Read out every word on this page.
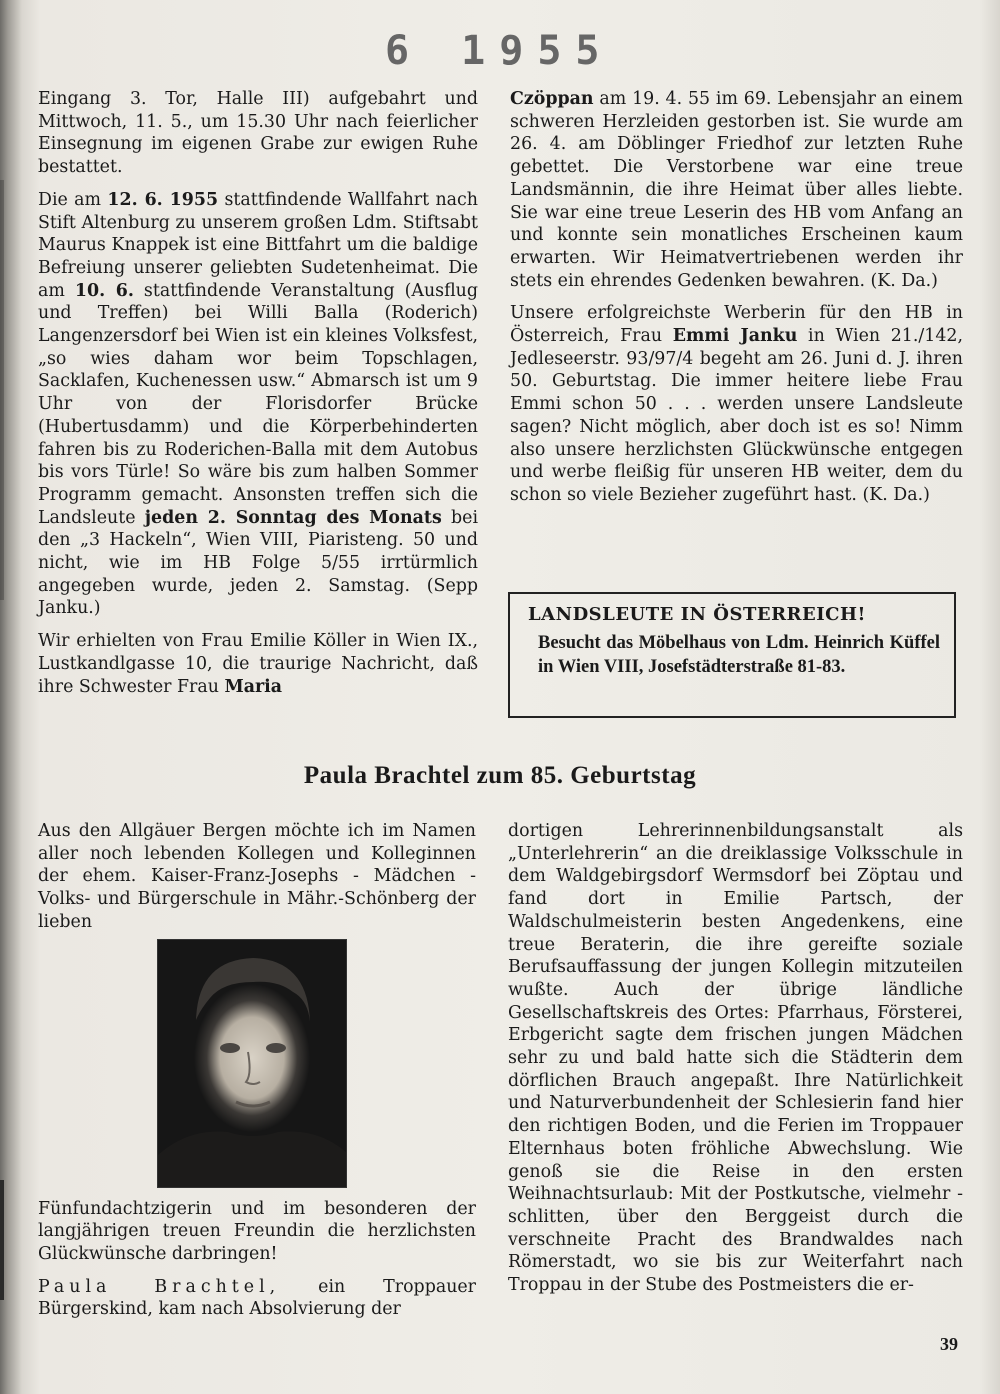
6 1955

Eingang 3. Tor, Halle III) aufgebahrt und Mittwoch, 11. 5., um 15.30 Uhr nach feierlicher Einsegnung im eigenen Grabe zur ewigen Ruhe bestattet.

Die am 12. 6. 1955 stattfindende Wallfahrt nach Stift Altenburg zu unserem großen Ldm. Stiftsabt Maurus Knappek ist eine Bittfahrt um die baldige Befreiung unserer geliebten Sudetenheimat. Die am 10. 6. stattfindende Veranstaltung (Ausflug und Treffen) bei Willi Balla (Roderich) Langenzersdorf bei Wien ist ein kleines Volksfest, „so wies daham wor beim Topschlagen, Sacklafen, Kuchenessen usw.“ Abmarsch ist um 9 Uhr von der Florisdorfer Brücke (Hubertusdamm) und die Körperbehinderten fahren bis zu Roderichen-Balla mit dem Autobus bis vors Türle! So wäre bis zum halben Sommer Programm gemacht. Ansonsten treffen sich die Landsleute jeden 2. Sonntag des Monats bei den „3 Hackeln“, Wien VIII, Piaristeng. 50 und nicht, wie im HB Folge 5/55 irrtürmlich angegeben wurde, jeden 2. Samstag. (Sepp Janku.)

Wir erhielten von Frau Emilie Köller in Wien IX., Lustkandlgasse 10, die traurige Nachricht, daß ihre Schwester Frau Maria

Czöppan am 19. 4. 55 im 69. Lebensjahr an einem schweren Herzleiden gestorben ist. Sie wurde am 26. 4. am Döblinger Friedhof zur letzten Ruhe gebettet. Die Verstorbene war eine treue Landsmännin, die ihre Heimat über alles liebte. Sie war eine treue Leserin des HB vom Anfang an und konnte sein monatliches Erscheinen kaum erwarten. Wir Heimatvertriebenen werden ihr stets ein ehrendes Gedenken bewahren. (K. Da.)

Unsere erfolgreichste Werberin für den HB in Österreich, Frau Emmi Janku in Wien 21./142, Jedleseerstr. 93/97/4 begeht am 26. Juni d. J. ihren 50. Geburtstag. Die immer heitere liebe Frau Emmi schon 50 . . . werden unsere Landsleute sagen? Nicht möglich, aber doch ist es so! Nimm also unsere herzlichsten Glückwünsche entgegen und werbe fleißig für unseren HB weiter, dem du schon so viele Bezieher zugeführt hast. (K. Da.)

LANDSLEUTE IN ÖSTERREICH!
Besucht das Möbelhaus von Ldm. Heinrich Küffel in Wien VIII, Josefstädterstraße 81-83.
Paula Brachtel zum 85. Geburtstag

Aus den Allgäuer Bergen möchte ich im Namen aller noch lebenden Kollegen und Kolleginnen der ehem. Kaiser-Franz-Josephs - Mädchen - Volks- und Bürgerschule in Mähr.-Schönberg der lieben

Fünfundachtzigerin und im besonderen der langjährigen treuen Freundin die herzlichsten Glückwünsche darbringen!

Paula Brachtel, ein Troppauer Bürgerskind, kam nach Absolvierung der

dortigen Lehrerinnenbildungsanstalt als „Unterlehrerin“ an die dreiklassige Volksschule in dem Waldgebirgsdorf Wermsdorf bei Zöptau und fand dort in Emilie Partsch, der Waldschulmeisterin besten Angedenkens, eine treue Beraterin, die ihre gereifte soziale Berufsauffassung der jungen Kollegin mitzuteilen wußte. Auch der übrige ländliche Gesellschaftskreis des Ortes: Pfarrhaus, Försterei, Erbgericht sagte dem frischen jungen Mädchen sehr zu und bald hatte sich die Städterin dem dörflichen Brauch angepaßt. Ihre Natürlichkeit und Naturverbundenheit der Schlesierin fand hier den richtigen Boden, und die Ferien im Troppauer Elternhaus boten fröhliche Abwechslung. Wie genoß sie die Reise in den ersten Weihnachtsurlaub: Mit der Postkutsche, vielmehr -schlitten, über den Berggeist durch die verschneite Pracht des Brandwaldes nach Römerstadt, wo sie bis zur Weiterfahrt nach Troppau in der Stube des Postmeisters die er-

39
